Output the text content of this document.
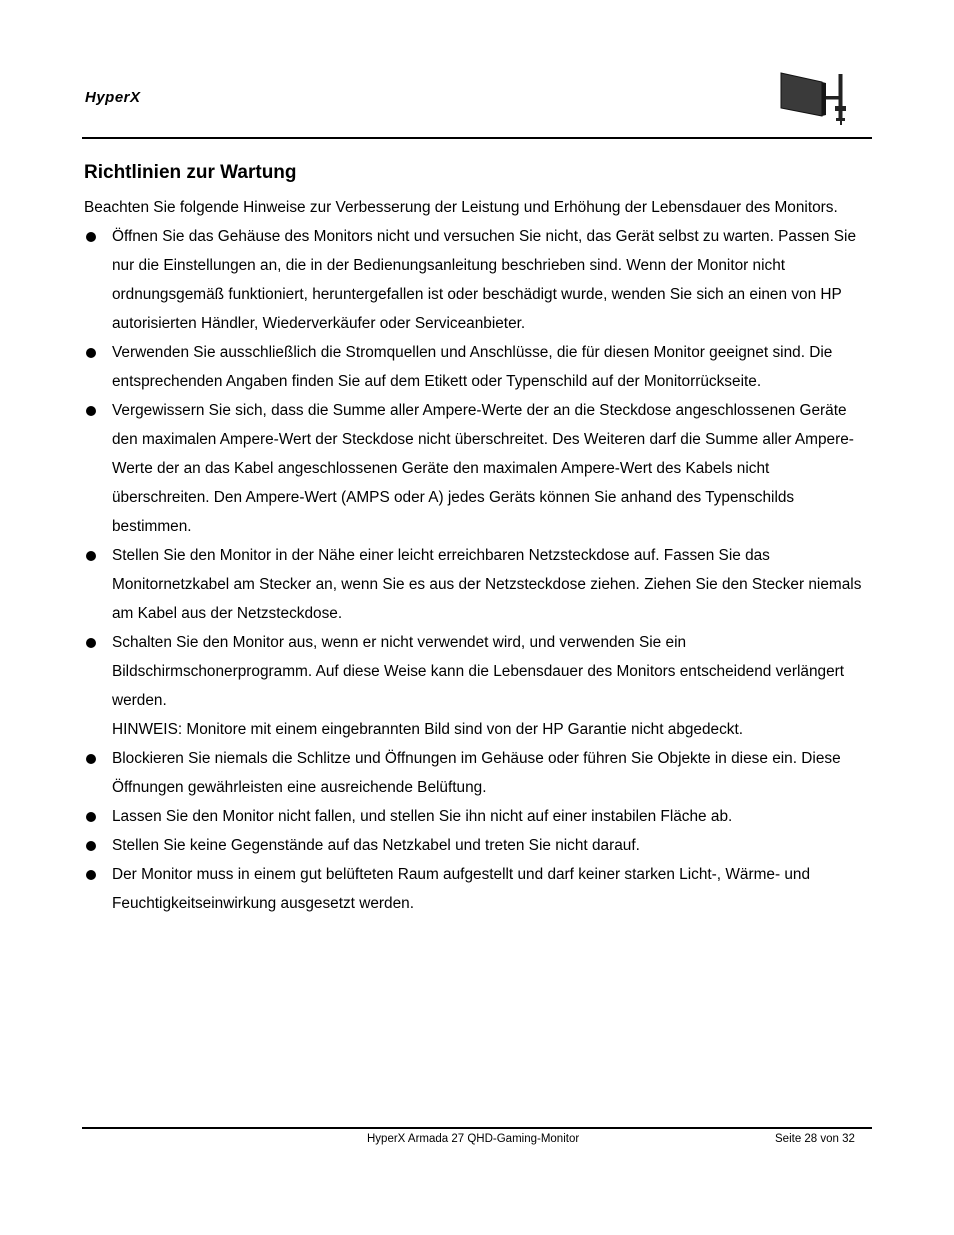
HyperX
Richtlinien zur Wartung

Beachten Sie folgende Hinweise zur Verbesserung der Leistung und Erhöhung der Lebensdauer des Monitors.

Öffnen Sie das Gehäuse des Monitors nicht und versuchen Sie nicht, das Gerät selbst zu warten. Passen Sie nur die Einstellungen an, die in der Bedienungsanleitung beschrieben sind. Wenn der Monitor nicht ordnungsgemäß funktioniert, heruntergefallen ist oder beschädigt wurde, wenden Sie sich an einen von HP autorisierten Händler, Wiederverkäufer oder Serviceanbieter.
Verwenden Sie ausschließlich die Stromquellen und Anschlüsse, die für diesen Monitor geeignet sind. Die entsprechenden Angaben finden Sie auf dem Etikett oder Typenschild auf der Monitorrückseite.
Vergewissern Sie sich, dass die Summe aller Ampere-Werte der an die Steckdose angeschlossenen Geräte den maximalen Ampere-Wert der Steckdose nicht überschreitet. Des Weiteren darf die Summe aller Ampere-Werte der an das Kabel angeschlossenen Geräte den maximalen Ampere-Wert des Kabels nicht überschreiten. Den Ampere-Wert (AMPS oder A) jedes Geräts können Sie anhand des Typenschilds bestimmen.
Stellen Sie den Monitor in der Nähe einer leicht erreichbaren Netzsteckdose auf. Fassen Sie das Monitornetzkabel am Stecker an, wenn Sie es aus der Netzsteckdose ziehen. Ziehen Sie den Stecker niemals am Kabel aus der Netzsteckdose.
Schalten Sie den Monitor aus, wenn er nicht verwendet wird, und verwenden Sie ein Bildschirmschonerprogramm. Auf diese Weise kann die Lebensdauer des Monitors entscheidend verlängert werden.
HINWEIS: Monitore mit einem eingebrannten Bild sind von der HP Garantie nicht abgedeckt.
Blockieren Sie niemals die Schlitze und Öffnungen im Gehäuse oder führen Sie Objekte in diese ein. Diese Öffnungen gewährleisten eine ausreichende Belüftung.
Lassen Sie den Monitor nicht fallen, und stellen Sie ihn nicht auf einer instabilen Fläche ab.
Stellen Sie keine Gegenstände auf das Netzkabel und treten Sie nicht darauf.
Der Monitor muss in einem gut belüfteten Raum aufgestellt und darf keiner starken Licht-, Wärme- und Feuchtigkeitseinwirkung ausgesetzt werden.
HyperX Armada 27 QHD-Gaming-Monitor	Seite 28 von 32
